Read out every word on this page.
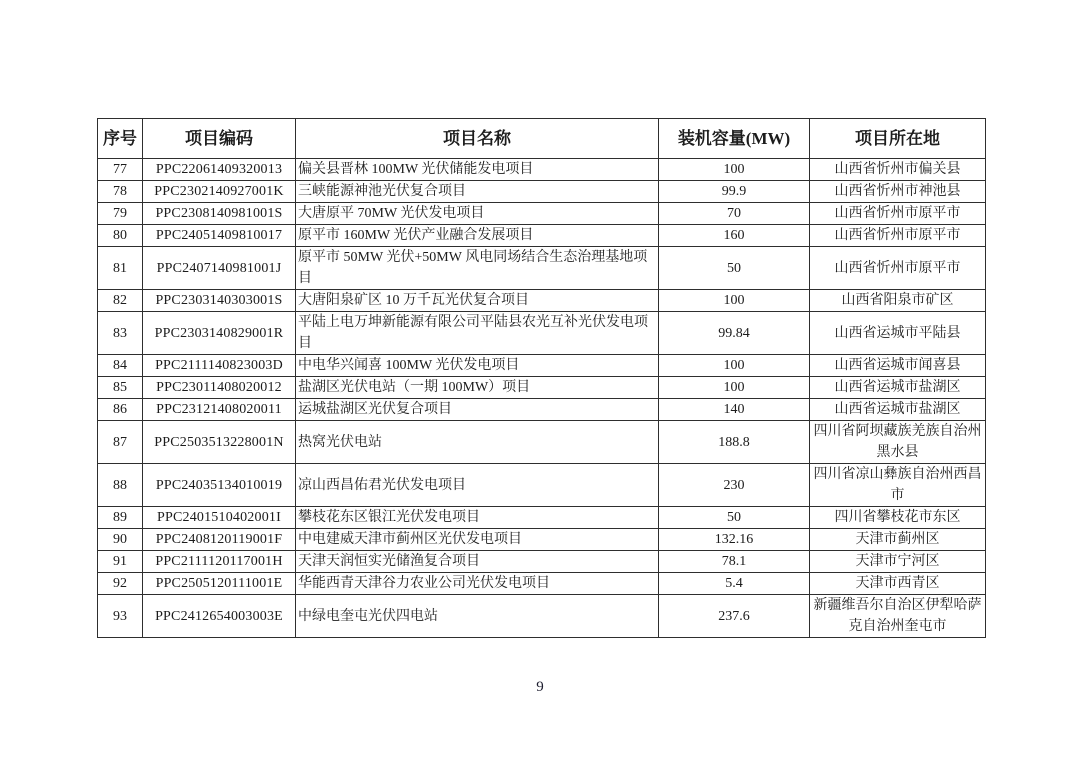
序号	项目编码	项目名称	装机容量(MW)	项目所在地
77	PPC22061409320013	偏关县晋林 100MW 光伏储能发电项目	100	山西省忻州市偏关县
78	PPC2302140927001K	三峡能源神池光伏复合项目	99.9	山西省忻州市神池县
79	PPC2308140981001S	大唐原平 70MW 光伏发电项目	70	山西省忻州市原平市
80	PPC24051409810017	原平市 160MW 光伏产业融合发展项目	160	山西省忻州市原平市
81	PPC2407140981001J	原平市 50MW 光伏+50MW 风电同场结合生态治理基地项目	50	山西省忻州市原平市
82	PPC2303140303001S	大唐阳泉矿区 10 万千瓦光伏复合项目	100	山西省阳泉市矿区
83	PPC2303140829001R	平陆上电万坤新能源有限公司平陆县农光互补光伏发电项目	99.84	山西省运城市平陆县
84	PPC2111140823003D	中电华兴闻喜 100MW 光伏发电项目	100	山西省运城市闻喜县
85	PPC23011408020012	盐湖区光伏电站（一期 100MW）项目	100	山西省运城市盐湖区
86	PPC23121408020011	运城盐湖区光伏复合项目	140	山西省运城市盐湖区
87	PPC2503513228001N	热窝光伏电站	188.8	四川省阿坝藏族羌族自治州黑水县
88	PPC24035134010019	凉山西昌佑君光伏发电项目	230	四川省凉山彝族自治州西昌市
89	PPC2401510402001I	攀枝花东区银江光伏发电项目	50	四川省攀枝花市东区
90	PPC2408120119001F	中电建威天津市蓟州区光伏发电项目	132.16	天津市蓟州区
91	PPC2111120117001H	天津天润恒实光储渔复合项目	78.1	天津市宁河区
92	PPC2505120111001E	华能西青天津谷力农业公司光伏发电项目	5.4	天津市西青区
93	PPC2412654003003E	中绿电奎屯光伏四电站	237.6	新疆维吾尔自治区伊犁哈萨克自治州奎屯市
9
